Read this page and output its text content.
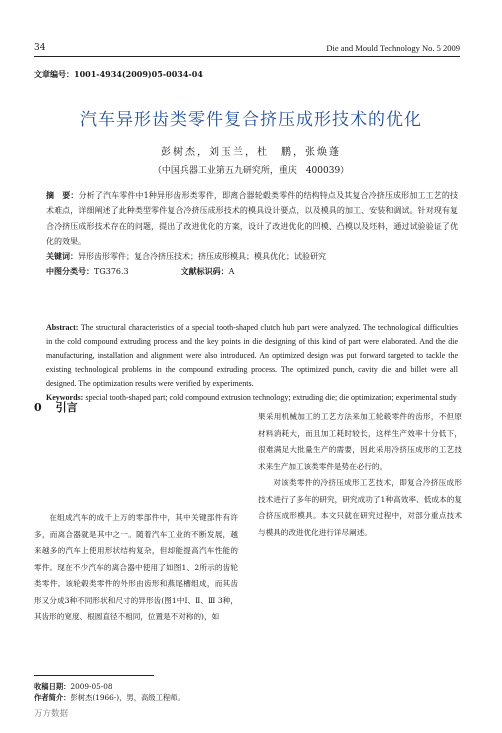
34	Die and Mould Technology No. 5 2009
文章编号：1001-4934(2009)05-0034-04
汽车异形齿类零件复合挤压成形技术的优化
彭树杰，刘玉兰，杜　鹏，张焕蓬
（中国兵器工业第五九研究所，重庆　400039）
摘　要：分析了汽车零件中1种异形齿形类零件，即离合器轮毂类零件的结构特点及其复合冷挤压成形加工工艺的技术难点，详细阐述了此种类型零件复合冷挤压成形技术的模具设计要点，以及模具的加工、安装和调试。针对现有复合冷挤压成形技术存在的问题，提出了改进优化的方案，设计了改进优化的凹模、凸模以及坯料，通过试验验证了优化的效果。
关键词：异形齿形零件；复合冷挤压技术；挤压成形模具；模具优化；试验研究
中图分类号：TG376.3	文献标识码：A
Abstract: The structural characteristics of a special tooth-shaped clutch hub part were analyzed. The technological difficulties in the cold compound extruding process and the key points in die designing of this kind of part were elaborated. And the die manufacturing, installation and alignment were also introduced. An optimized design was put forward targeted to tackle the existing technological problems in the compound extruding process. The optimized punch, cavity die and billet were all designed. The optimization results were verified by experiments.
Keywords: special tooth-shaped part; cold compound extrusion technology; extruding die; die optimization; experimental study
0 引言

在组成汽车的成千上万的零部件中，其中关键部件有许多，而离合器就是其中之一。随着汽车工业的不断发展，越来越多的汽车上使用形状结构复杂，但却能提高汽车性能的零件。现在不少汽车的离合器中使用了如图1、2所示的齿轮类零件。该轮毂类零件的外形由齿形和燕尾槽组成，而其齿形又分成3种不同形状和尺寸的异形齿(图1中Ⅰ、Ⅱ、Ⅲ 3种，其齿形的宽度、根圆直径不相同，位置是不对称的)，如

果采用机械加工的工艺方法来加工轮毂零件的齿形，不但原材料消耗大，而且加工耗时较长，这样生产效率十分低下，很难满足大批量生产的需要，因此采用冷挤压成形的工艺技术来生产加工该类零件是势在必行的。

对该类零件的冷挤压成形工艺技术，即复合冷挤压成形技术进行了多年的研究，研究成功了1种高效率、低成本的复合挤压成形模具。本文只就在研究过程中，对部分重点技术与模具的改进优化进行详尽阐述。

收稿日期：2009-05-08
作者简介：彭树杰(1966-)，男，高级工程师。
万方数据
